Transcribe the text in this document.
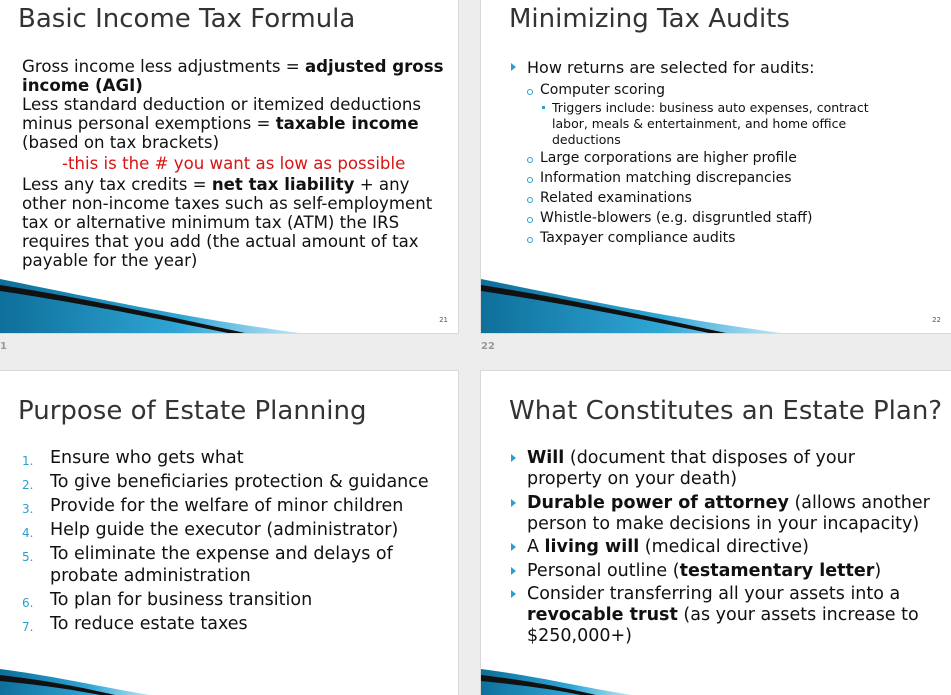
Basic Income Tax Formula

Gross income less adjustments = adjusted gross income (AGI)

Less standard deduction or itemized deductions minus personal exemptions = taxable income (based on tax brackets)

-this is the # you want as low as possible

Less any tax credits = net tax liability + any other non-income taxes such as self-employment tax or alternative minimum tax (ATM) the IRS requires that you add (the actual amount of tax payable for the year)

21
1	22
Minimizing Tax Audits
How returns are selected for audits:
Computer scoring
Triggers include: business auto expenses, contract labor, meals & entertainment, and home office deductions
Large corporations are higher profile
Information matching discrepancies
Related examinations
Whistle-blowers (e.g. disgruntled staff)
Taxpayer compliance audits
22
Purpose of Estate Planning
1. Ensure who gets what
2. To give beneficiaries protection & guidance
3. Provide for the welfare of minor children
4. Help guide the executor (administrator)
5. To eliminate the expense and delays of probate administration
6. To plan for business transition
7. To reduce estate taxes
What Constitutes an Estate Plan?
Will (document that disposes of your property on your death)
Durable power of attorney (allows another person to make decisions in your incapacity)
A living will (medical directive)
Personal outline (testamentary letter)
Consider transferring all your assets into a revocable trust (as your assets increase to $250,000+)
